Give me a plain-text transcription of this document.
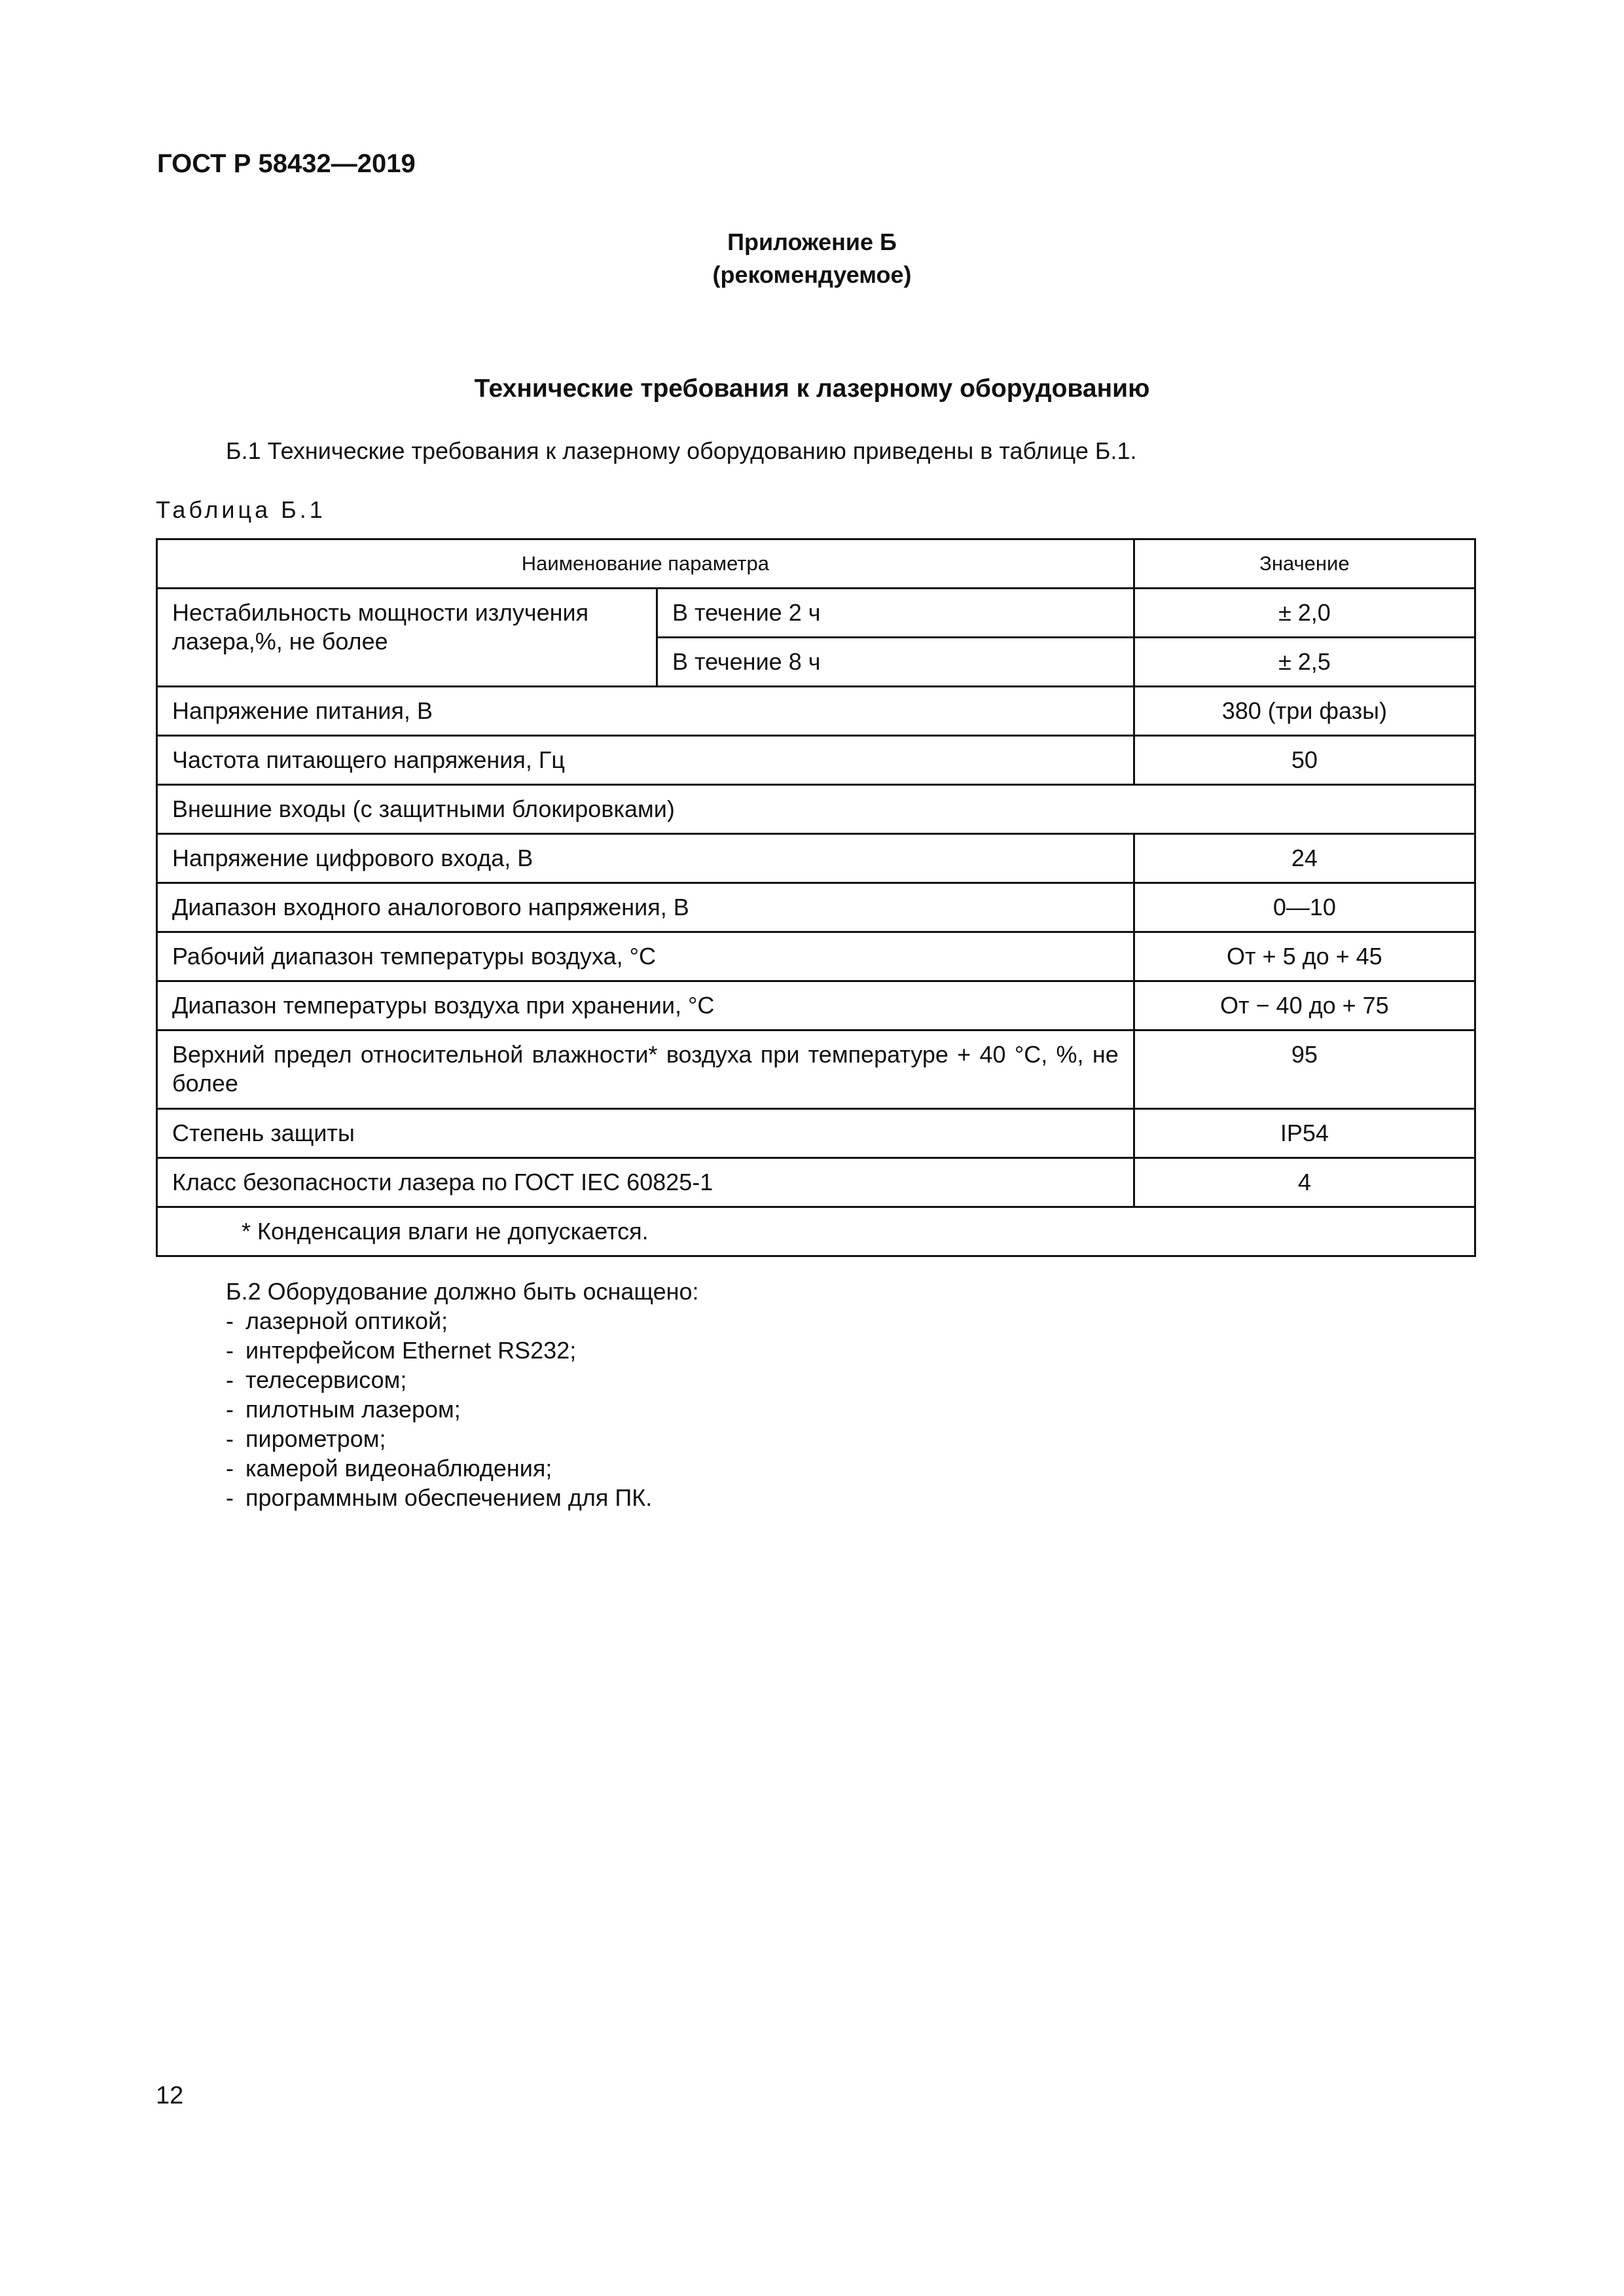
ГОСТ Р 58432—2019
Приложение Б
(рекомендуемое)
Технические требования к лазерному оборудованию
Б.1 Технические требования к лазерному оборудованию приведены в таблице Б.1.
Таблица Б.1
Наименование параметра		Значение
Нестабильность мощности излучения лазера,%, не более	В течение 2 ч	± 2,0
	В течение 8 ч	± 2,5
Напряжение питания, В		380 (три фазы)
Частота питающего напряжения, Гц		50
Внешние входы (с защитными блокировками)		
Напряжение цифрового входа, В		24
Диапазон входного аналогового напряжения, В		0—10
Рабочий диапазон температуры воздуха, °С		От + 5 до + 45
Диапазон температуры воздуха при хранении, °С		От − 40 до + 75
Верхний предел относительной влажности* воздуха при температуре + 40 °С, %, не более		95
Степень защиты		IP54
Класс безопасности лазера по ГОСТ IEC 60825-1		4
* Конденсация влаги не допускается.		
Б.2 Оборудование должно быть оснащено:
- лазерной оптикой;
- интерфейсом Ethernet RS232;
- телесервисом;
- пилотным лазером;
- пирометром;
- камерой видеонаблюдения;
- программным обеспечением для ПК.
12
